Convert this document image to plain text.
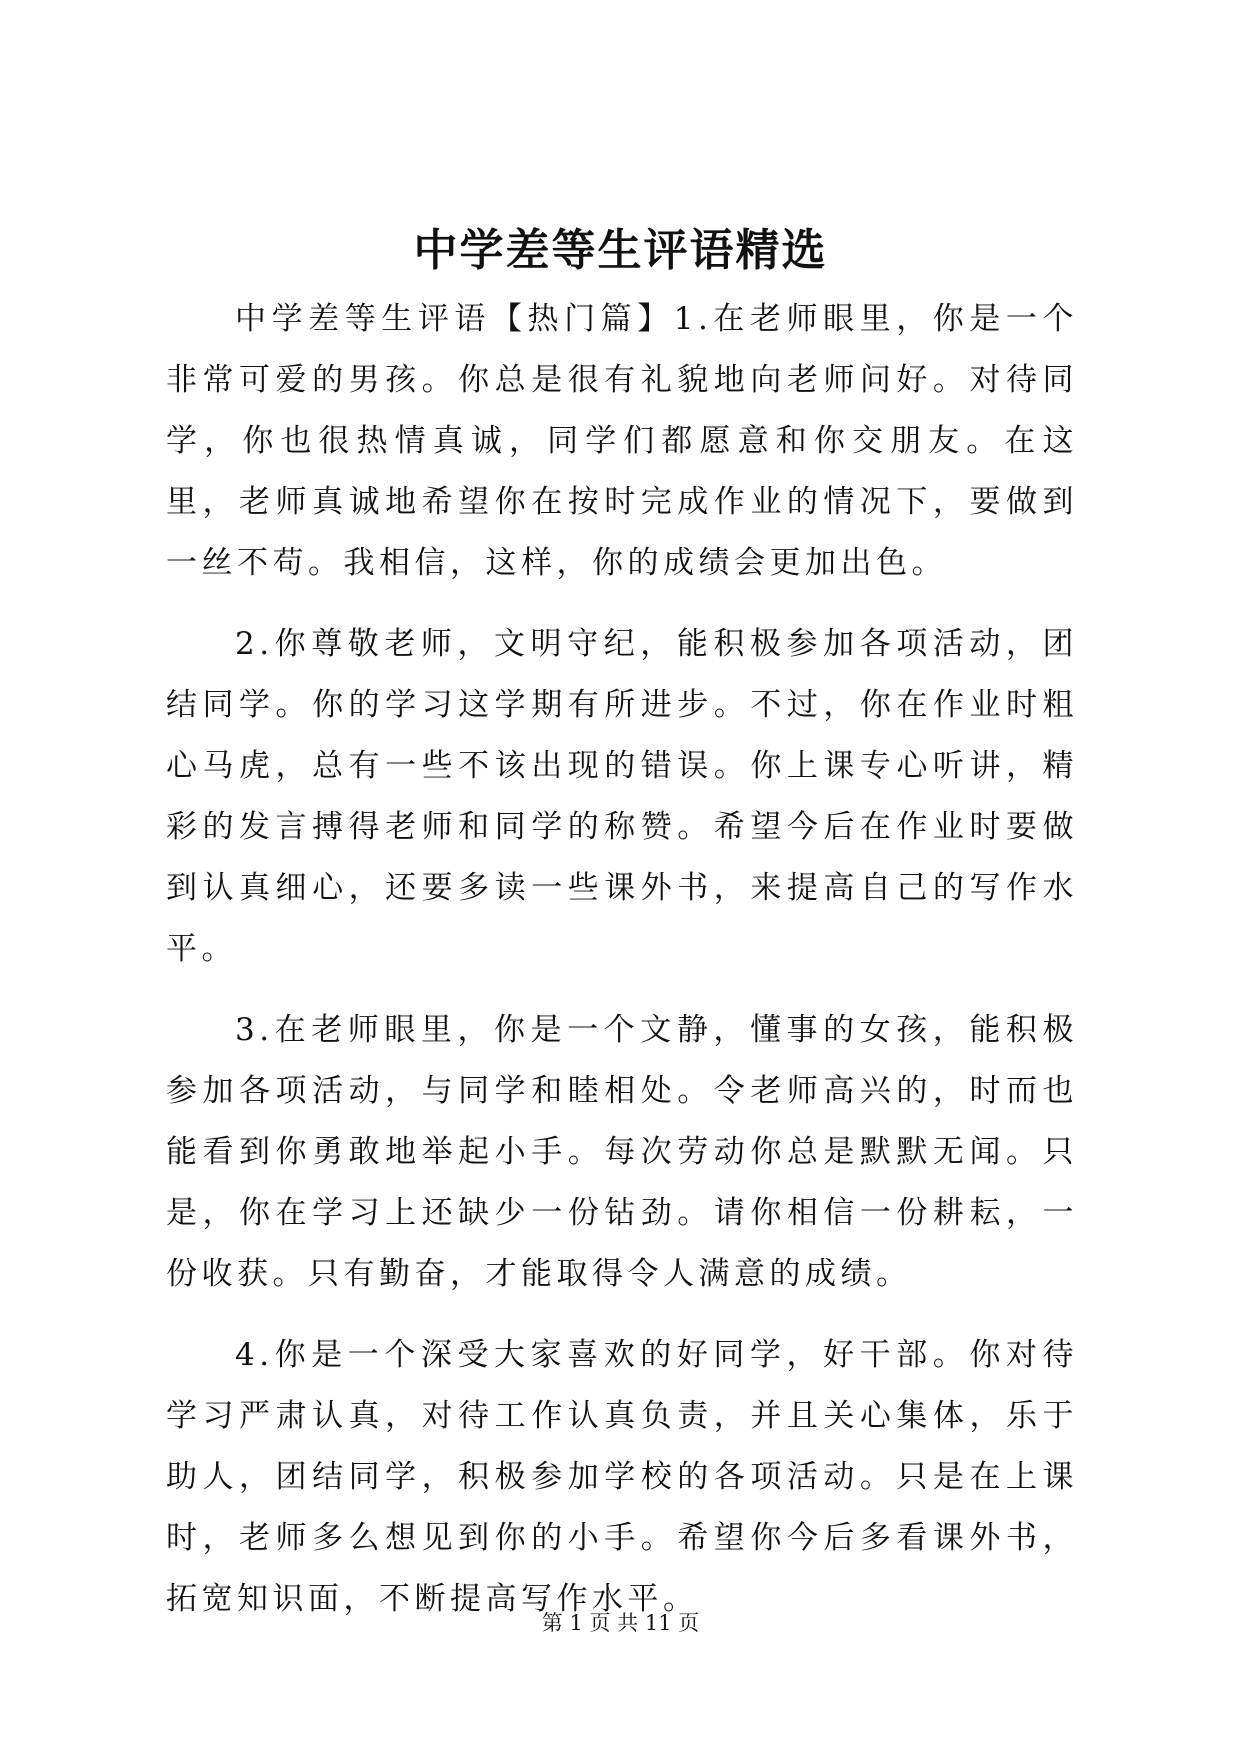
中学差等生评语精选

中学差等生评语【热门篇】1.在老师眼里，你是一个非常可爱的男孩。你总是很有礼貌地向老师问好。对待同学，你也很热情真诚，同学们都愿意和你交朋友。在这里，老师真诚地希望你在按时完成作业的情况下，要做到一丝不苟。我相信，这样，你的成绩会更加出色。

2.你尊敬老师，文明守纪，能积极参加各项活动，团结同学。你的学习这学期有所进步。不过，你在作业时粗心马虎，总有一些不该出现的错误。你上课专心听讲，精彩的发言搏得老师和同学的称赞。希望今后在作业时要做到认真细心，还要多读一些课外书，来提高自己的写作水平。

3.在老师眼里，你是一个文静，懂事的女孩，能积极参加各项活动，与同学和睦相处。令老师高兴的，时而也能看到你勇敢地举起小手。每次劳动你总是默默无闻。只是，你在学习上还缺少一份钻劲。请你相信一份耕耘，一份收获。只有勤奋，才能取得令人满意的成绩。

4.你是一个深受大家喜欢的好同学，好干部。你对待学习严肃认真，对待工作认真负责，并且关心集体，乐于助人，团结同学，积极参加学校的各项活动。只是在上课时，老师多么想见到你的小手。希望你今后多看课外书，拓宽知识面，不断提高写作水平。

第 1 页 共 11 页
